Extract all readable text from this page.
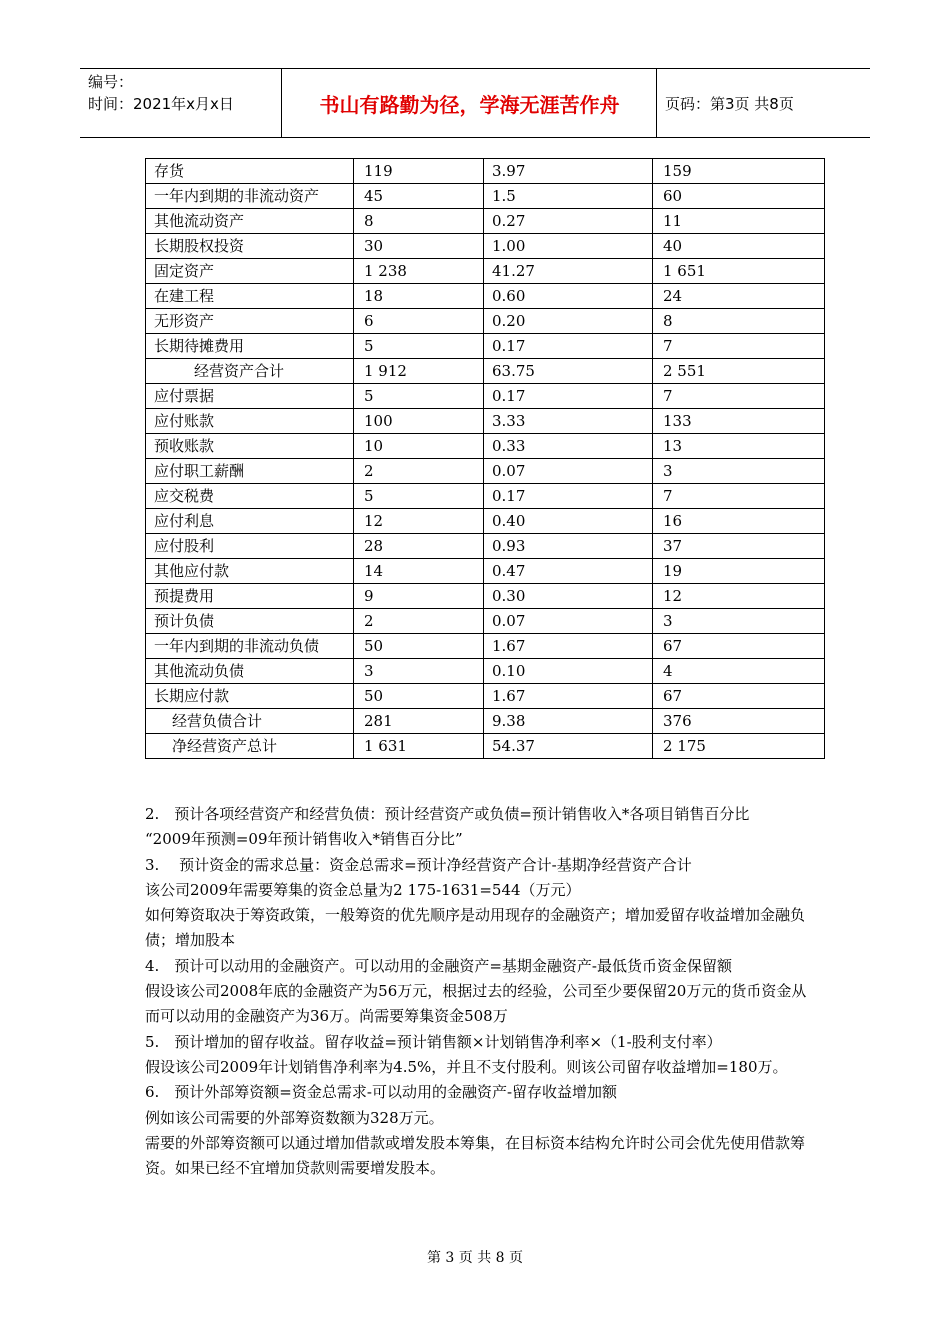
编号：
时间：2021年x月x日	书山有路勤为径，学海无涯苦作舟	页码：第3页 共8页
存货	119	3.97	159
一年内到期的非流动资产	45	1.5	60
其他流动资产	8	0.27	11
长期股权投资	30	1.00	40
固定资产	1 238	41.27	1 651
在建工程	18	0.60	24
无形资产	6	0.20	8
长期待摊费用	5	0.17	7
经营资产合计	1 912	63.75	2 551
应付票据	5	0.17	7
应付账款	100	3.33	133
预收账款	10	0.33	13
应付职工薪酬	2	0.07	3
应交税费	5	0.17	7
应付利息	12	0.40	16
应付股利	28	0.93	37
其他应付款	14	0.47	19
预提费用	9	0.30	12
预计负债	2	0.07	3
一年内到期的非流动负债	50	1.67	67
其他流动负债	3	0.10	4
长期应付款	50	1.67	67
经营负债合计	281	9.38	376
净经营资产总计	1 631	54.37	2 175

2.　预计各项经营资产和经营负债：预计经营资产或负债=预计销售收入*各项目销售百分比

“2009年预测=09年预计销售收入*销售百分比”

3.　 预计资金的需求总量：资金总需求=预计净经营资产合计-基期净经营资产合计

该公司2009年需要筹集的资金总量为2 175-1631=544（万元）

如何筹资取决于筹资政策，一般筹资的优先顺序是动用现存的金融资产；增加爱留存收益增加金融负债；增加股本

4.　预计可以动用的金融资产。可以动用的金融资产=基期金融资产-最低货币资金保留额

假设该公司2008年底的金融资产为56万元，根据过去的经验，公司至少要保留20万元的货币资金从而可以动用的金融资产为36万。尚需要筹集资金508万

5.　预计增加的留存收益。留存收益=预计销售额×计划销售净利率×（1-股利支付率）

假设该公司2009年计划销售净利率为4.5%，并且不支付股利。则该公司留存收益增加=180万。

6.　预计外部筹资额=资金总需求-可以动用的金融资产-留存收益增加额

例如该公司需要的外部筹资数额为328万元。

需要的外部筹资额可以通过增加借款或增发股本筹集，在目标资本结构允许时公司会优先使用借款筹资。如果已经不宜增加贷款则需要增发股本。

第 3 页 共 8 页
